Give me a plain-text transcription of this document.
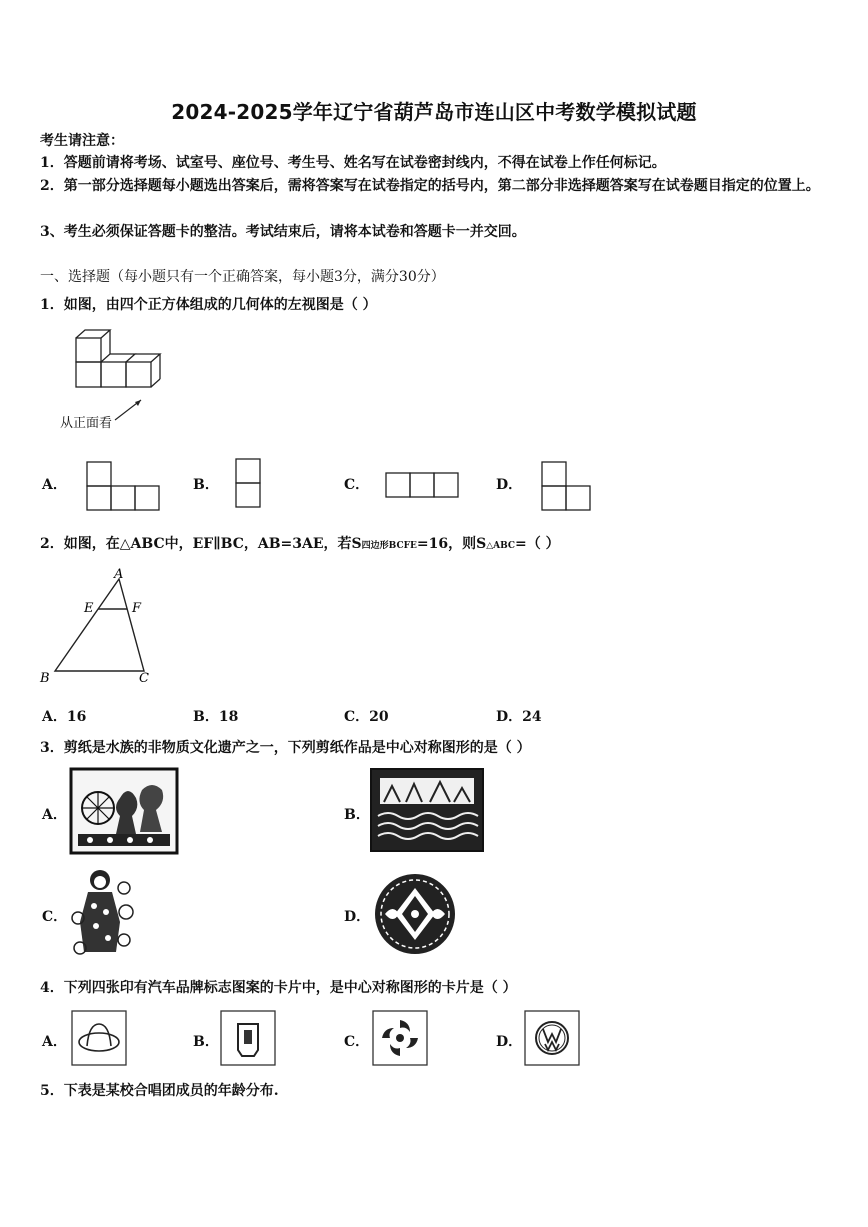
2024-2025学年辽宁省葫芦岛市连山区中考数学模拟试题
考生请注意：
1．答题前请将考场、试室号、座位号、考生号、姓名写在试卷密封线内，不得在试卷上作任何标记。
2．第一部分选择题每小题选出答案后，需将答案写在试卷指定的括号内，第二部分非选择题答案写在试卷题目指定的位置上。
3、考生必须保证答题卡的整洁。考试结束后，请将本试卷和答题卡一并交回。
一、选择题（每小题只有一个正确答案，每小题3分，满分30分）
1．如图，由四个正方体组成的几何体的左视图是（ ）
从正面看
A．	B．	C．	D．
2．如图，在△ABC中，EF∥BC，AB=3AE，若S四边形BCFE=16，则S△ABC=（ ）
A
E	F
B	C
A．16	B．18	C．20	D．24
3．剪纸是水族的非物质文化遗产之一，下列剪纸作品是中心对称图形的是（ ）
A．	B．
C．	D．
4．下列四张印有汽车品牌标志图案的卡片中，是中心对称图形的卡片是（ ）
A．	B．	C．	D．
5．下表是某校合唱团成员的年龄分布.
